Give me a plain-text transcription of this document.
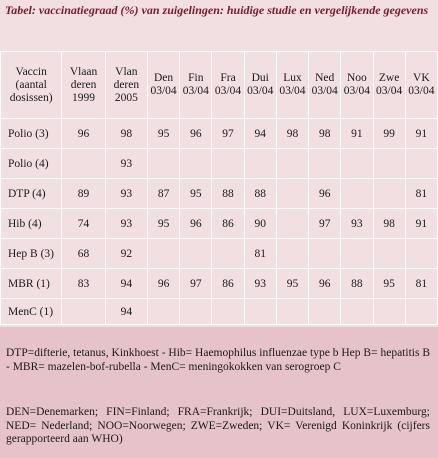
Tabel: vaccinatiegraad (%) van zuigelingen: huidige studie en vergelijkende gegevens
Vaccin
(aantal
dosissen)	Vlaan
deren
1999	Vlan
deren
2005	Den
03/04	Fin
03/04	Fra
03/04	Dui
03/04	Lux
03/04	Ned
03/04	Noo
03/04	Zwe
03/04	VK
03/04
Polio (3)	96	98	95	96	97	94	98	98	91	99	91
Polio (4)		93									
DTP (4)	89	93	87	95	88	88		96			81
Hib (4)	74	93	95	96	86	90		97	93	98	91
Hep B (3)	68	92				81					
MBR (1)	83	94	96	97	86	93	95	96	88	95	81
MenC (1)		94									

DTP=difterie, tetanus, Kinkhoest - Hib= Haemophilus influenzae type b Hep B= hepatitis B - MBR= mazelen-bof-rubella - MenC= meningokokken van serogroep C

DEN=Denemarken; FIN=Finland; FRA=Frankrijk; DUI=Duitsland, LUX=Luxemburg; NED= Nederland; NOO=Noorwegen; ZWE=Zweden; VK= Verenigd Koninkrijk (cijfers gerapporteerd aan WHO)
